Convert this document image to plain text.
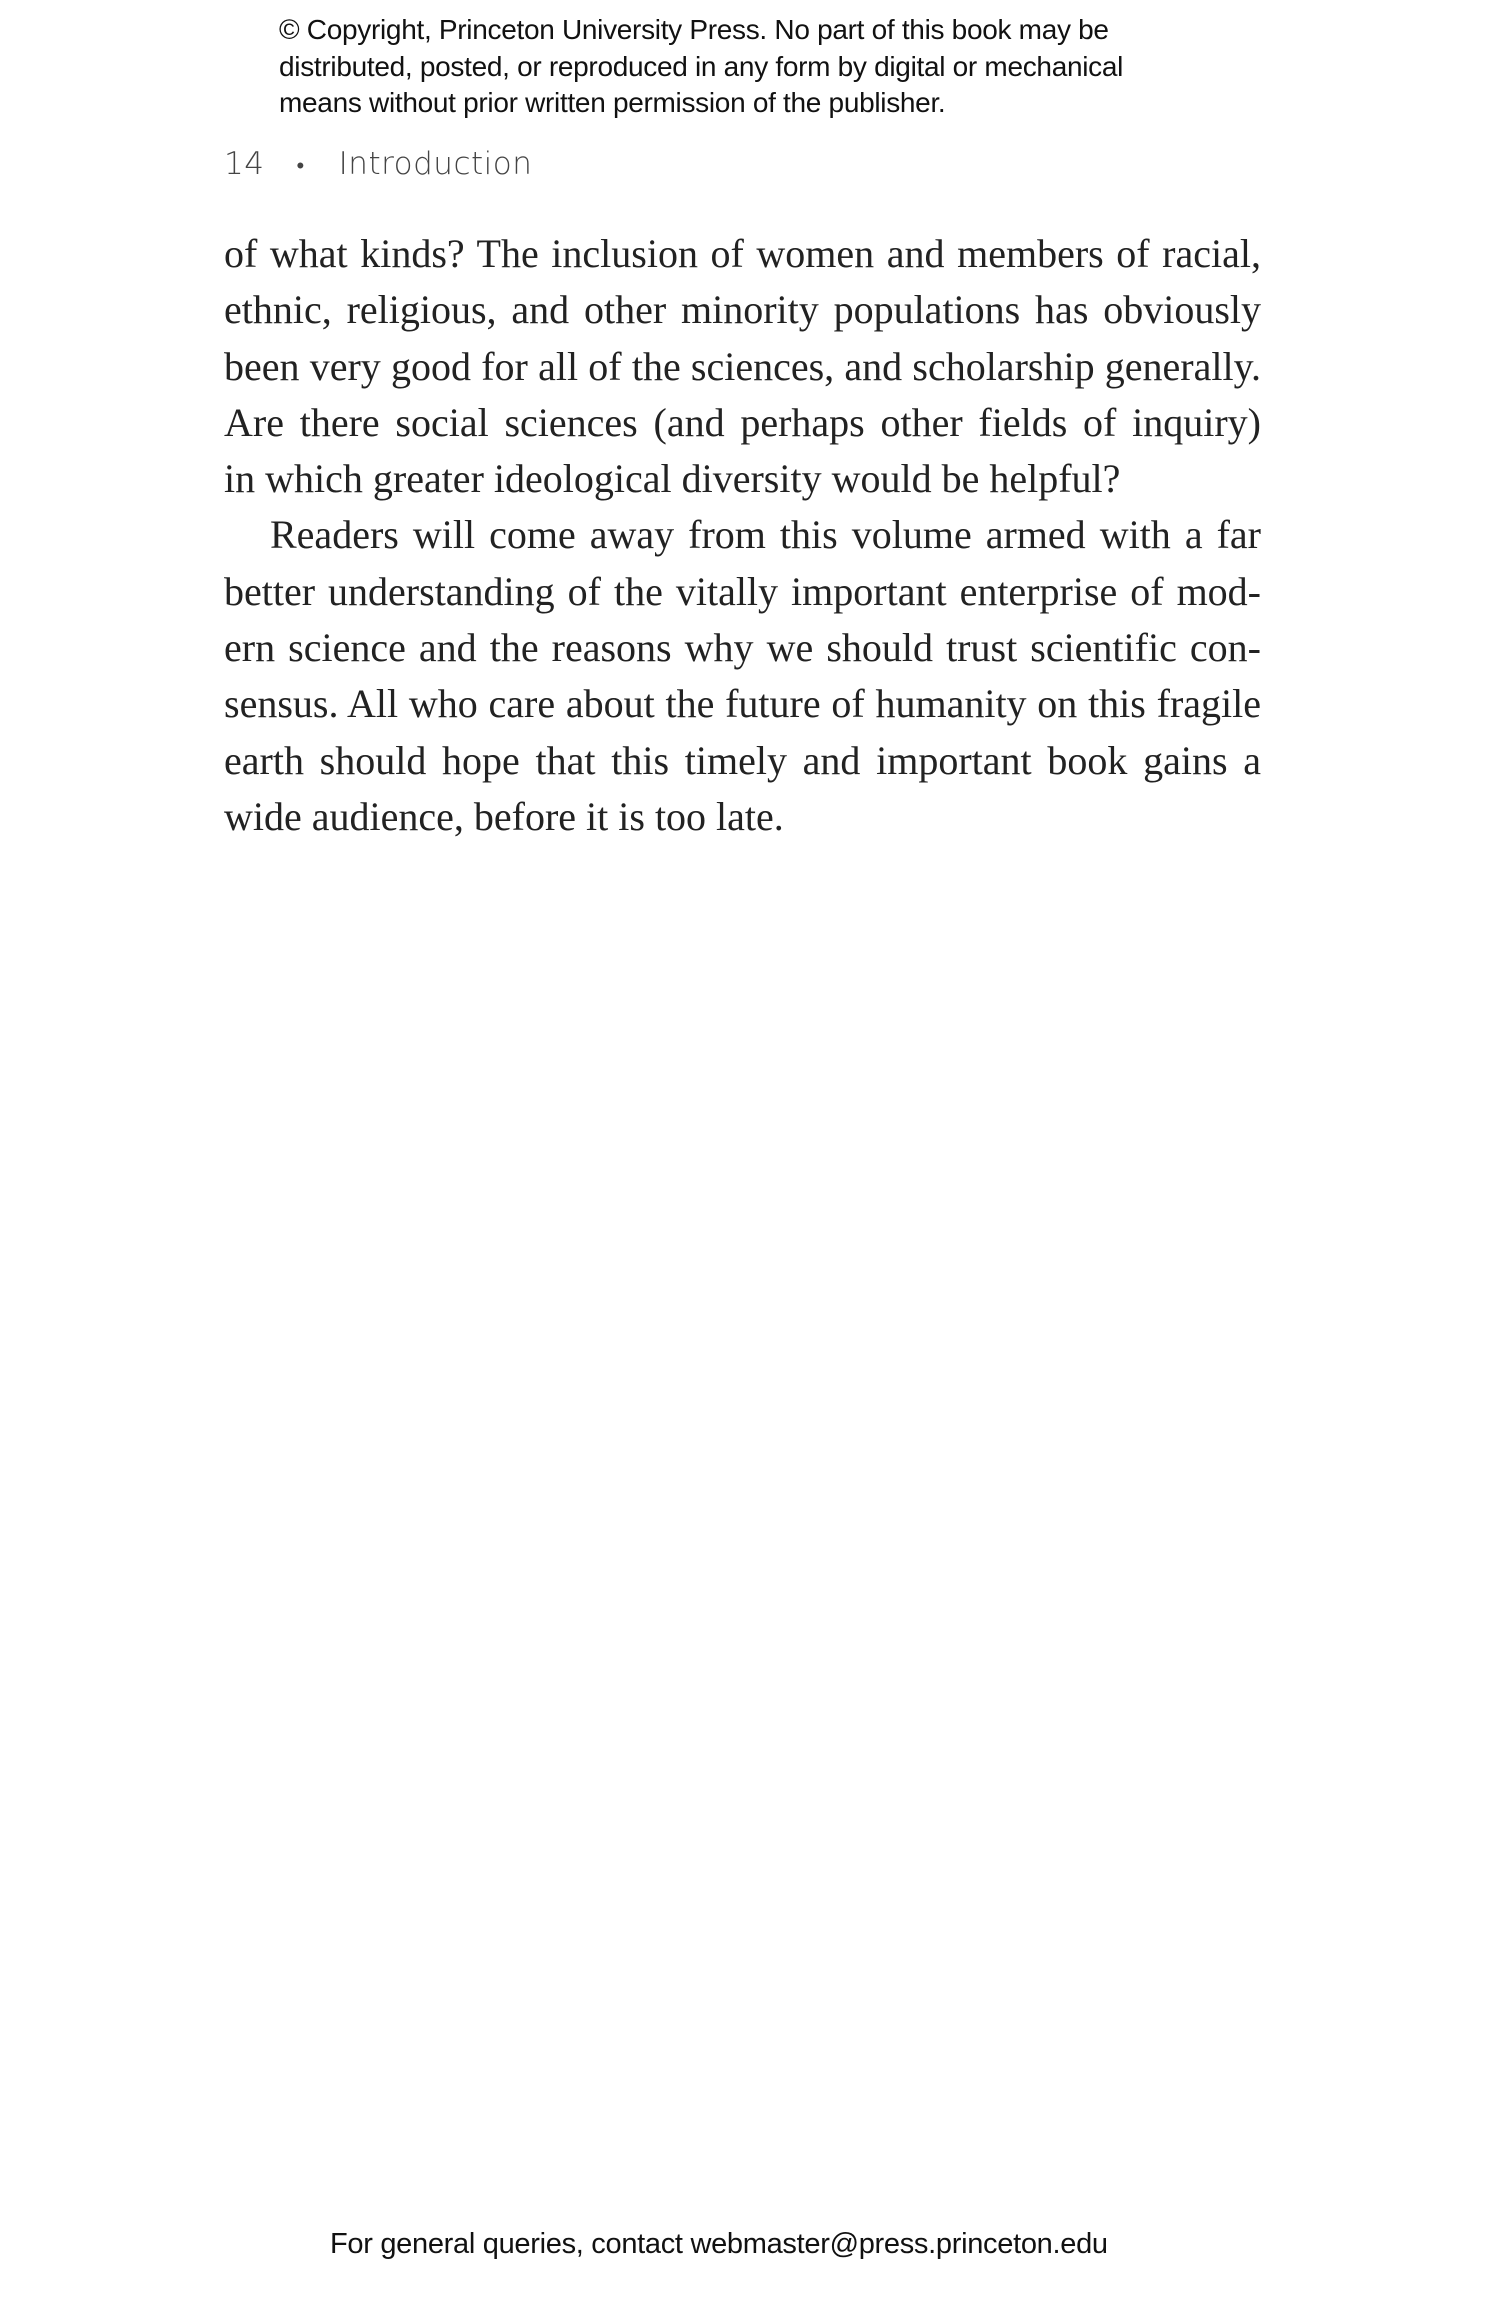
© Copyright, Princeton University Press. No part of this book may be
distributed, posted, or reproduced in any form by digital or mechanical
means without prior written permission of the publisher.
14 • Introduction
of what kinds? The inclusion of women and members of racial,
ethnic, religious, and other minority populations has obviously
been very good for all of the sciences, and scholarship generally.
Are there social sciences (and perhaps other fields of inquiry)
in which greater ideological diversity would be helpful?
Readers will come away from this volume armed with a far
better understanding of the vitally important enterprise of mod-
ern science and the reasons why we should trust scientific con-
sensus. All who care about the future of humanity on this fragile
earth should hope that this timely and important book gains a
wide audience, before it is too late.
For general queries, contact webmaster@press.princeton.edu
